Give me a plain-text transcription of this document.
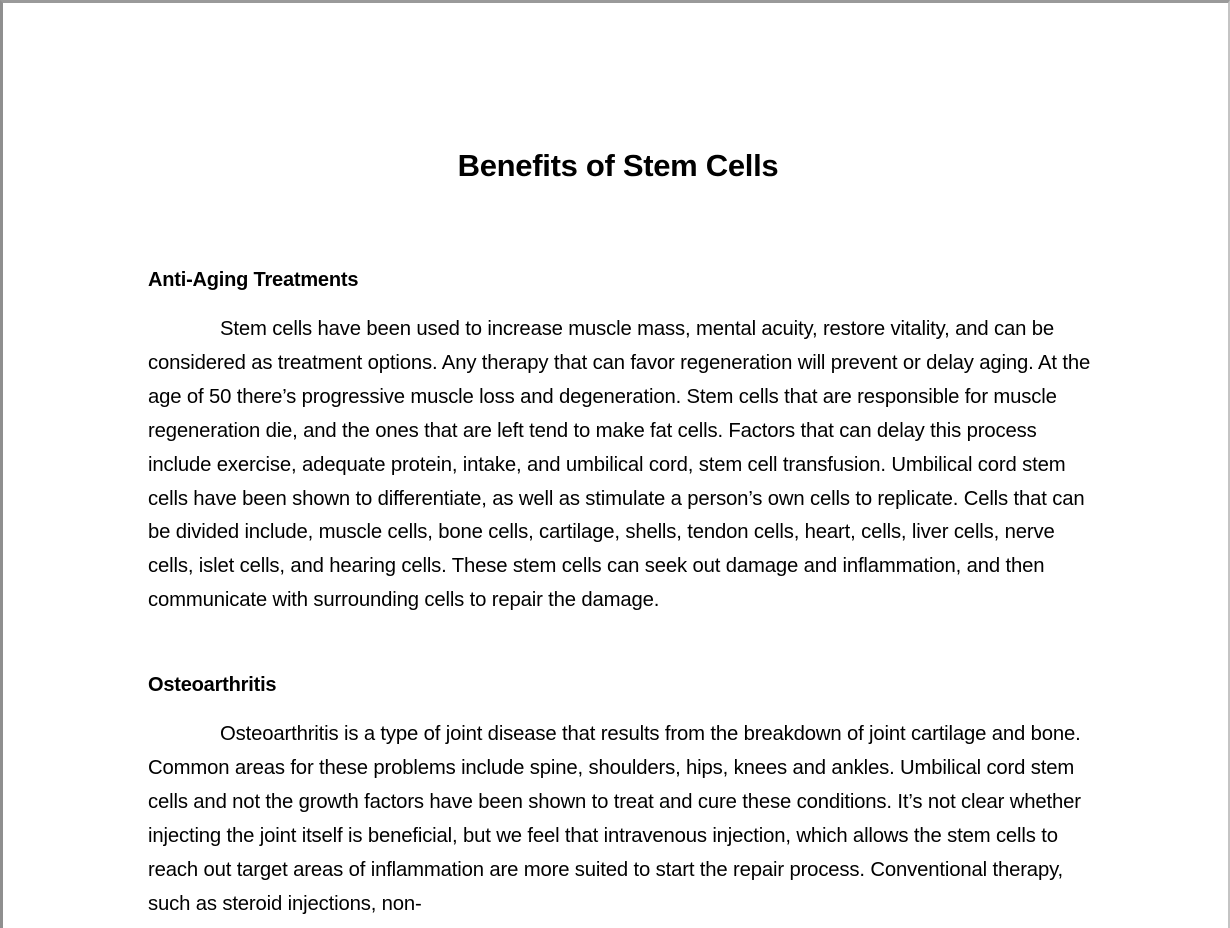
Benefits of Stem Cells
Anti-Aging Treatments

Stem cells have been used to increase muscle mass, mental acuity, restore vitality, and can be considered as treatment options. Any therapy that can favor regeneration will prevent or delay aging. At the age of 50 there’s progressive muscle loss and degeneration. Stem cells that are responsible for muscle regeneration die, and the ones that are left tend to make fat cells. Factors that can delay this process include exercise, adequate protein, intake, and umbilical cord, stem cell transfusion. Umbilical cord stem cells have been shown to differentiate, as well as stimulate a person’s own cells to replicate. Cells that can be divided include, muscle cells, bone cells, cartilage, shells, tendon cells, heart, cells, liver cells, nerve cells, islet cells, and hearing cells. These stem cells can seek out damage and inflammation, and then communicate with surrounding cells to repair the damage.

Osteoarthritis

Osteoarthritis is a type of joint disease that results from the breakdown of joint cartilage and bone. Common areas for these problems include spine, shoulders, hips, knees and ankles. Umbilical cord stem cells and not the growth factors have been shown to treat and cure these conditions. It’s not clear whether injecting the joint itself is beneficial, but we feel that intravenous injection, which allows the stem cells to reach out target areas of inflammation are more suited to start the repair process. Conventional therapy, such as steroid injections, non-
